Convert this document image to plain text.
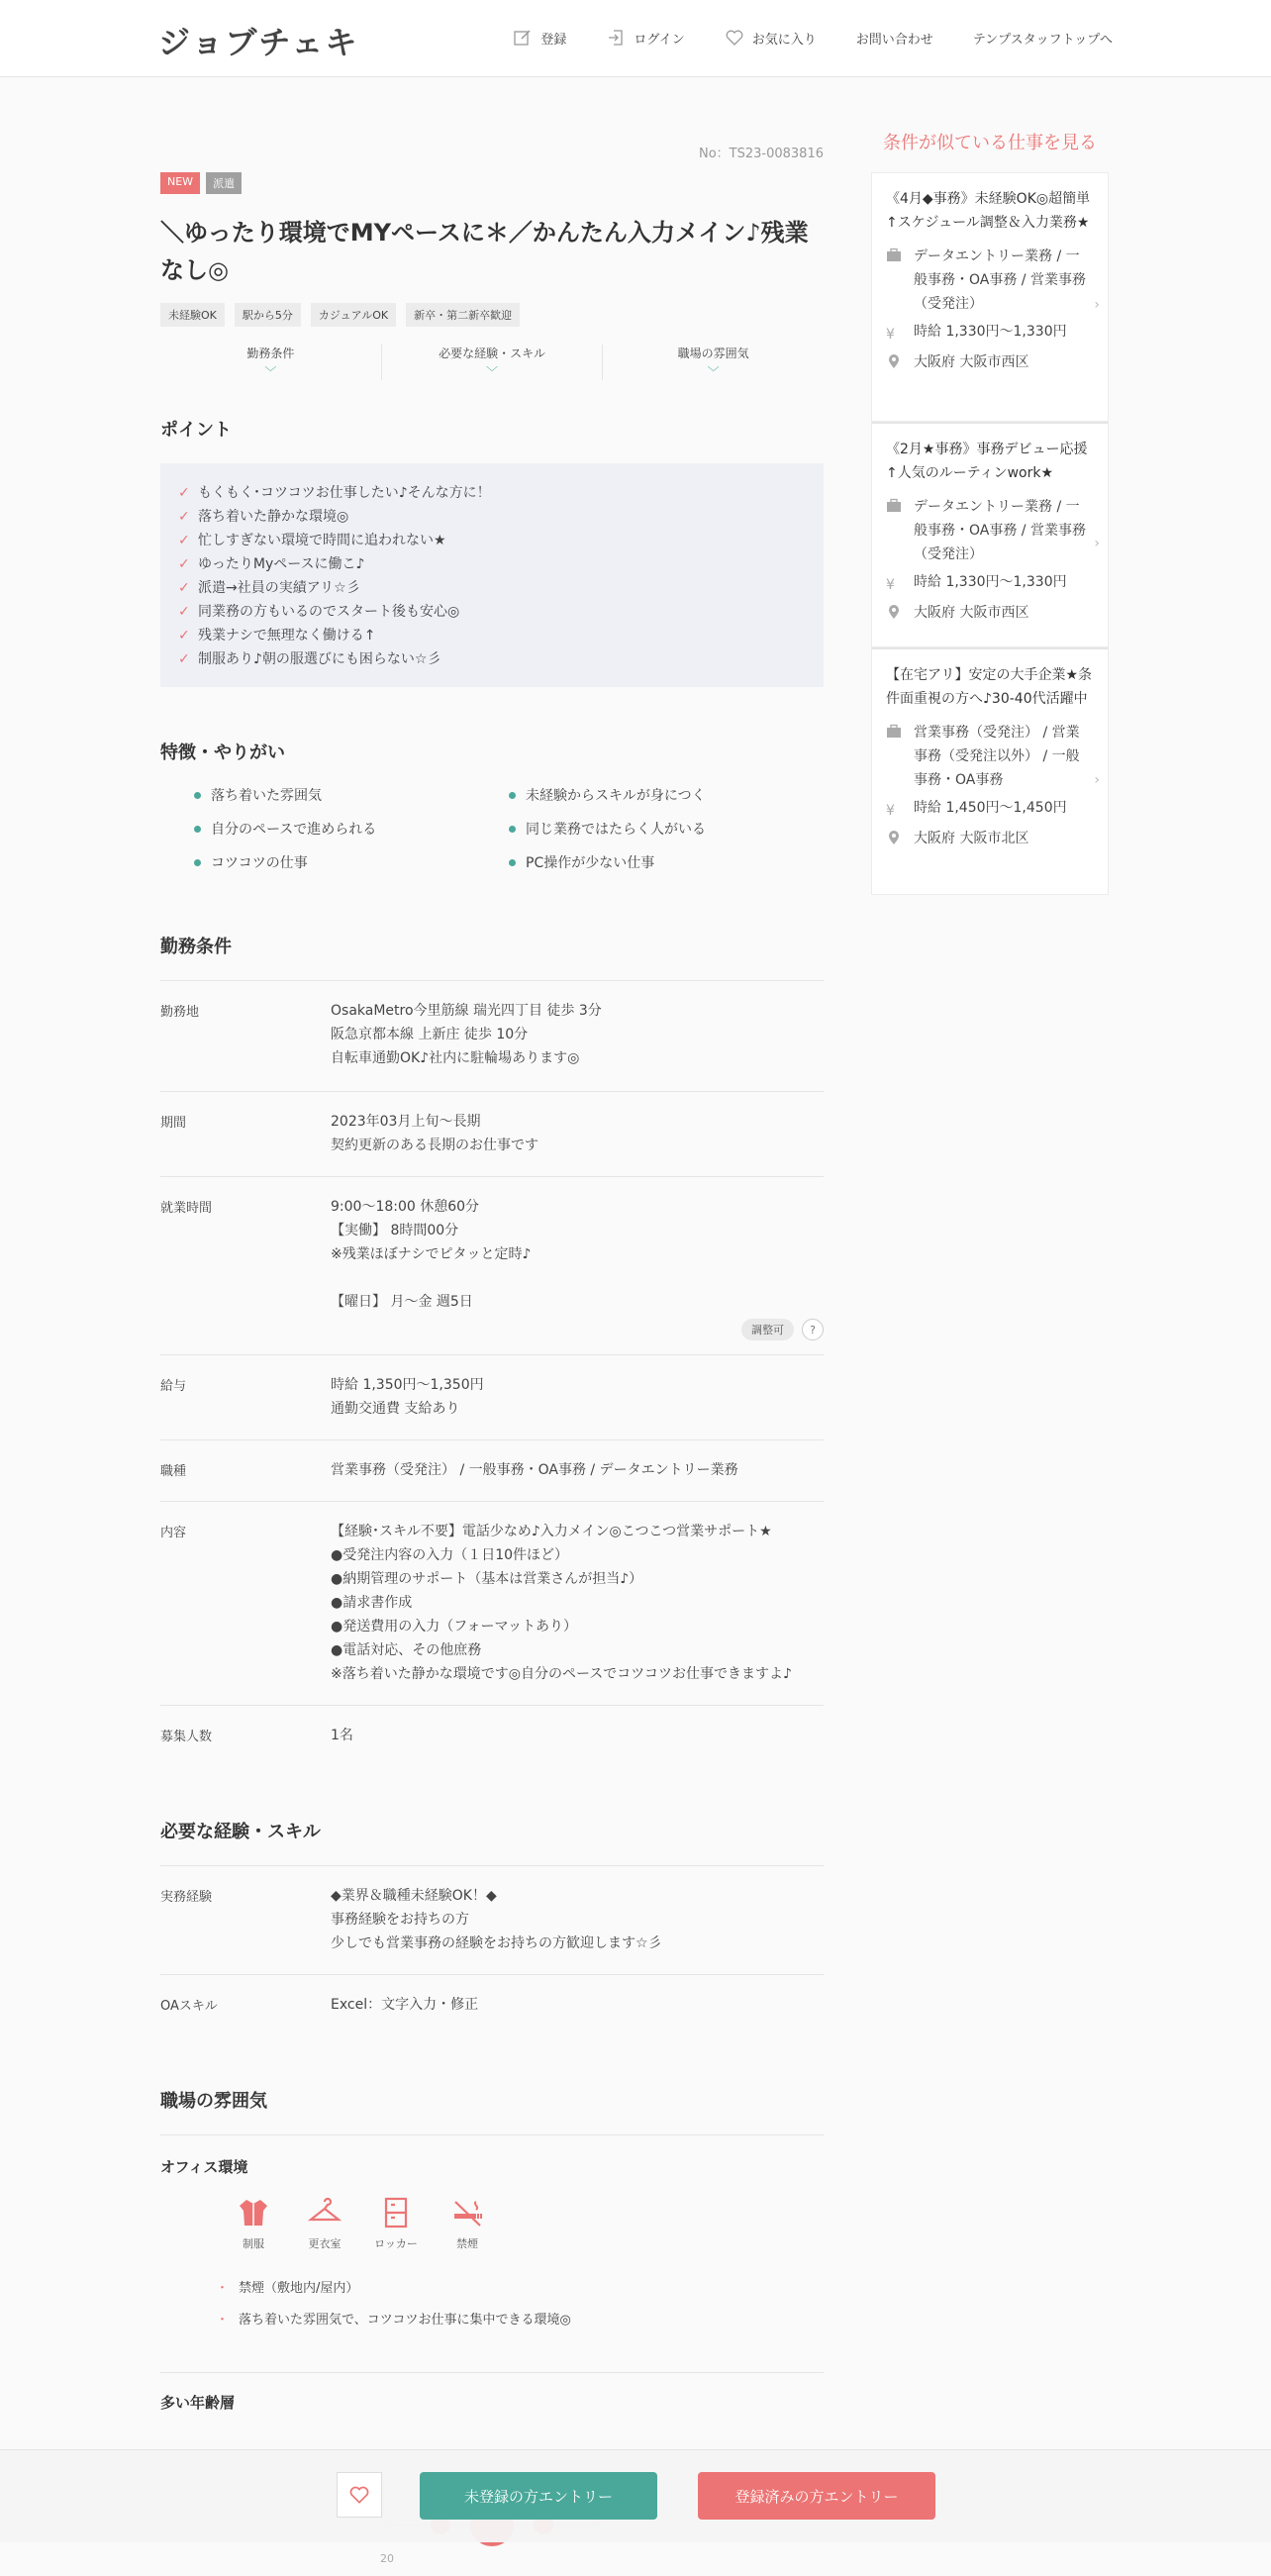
ジョブチェキ	登録	ログイン	お気に入り	お問い合わせ	テンプスタッフトップへ
No：TS23-0083816
NEW	派遣
＼ゆったり環境でMYペースに＊／かんたん入力メイン♪残業なし◎
未経験OK	駅から5分	カジュアルOK	新卒・第二新卒歓迎
勤務条件
﹀
必要な経験・スキル
﹀
職場の雰囲気
﹀
ポイント
✓ もくもく･コツコツお仕事したい♪そんな方に！
✓ 落ち着いた静かな環境◎
✓ 忙しすぎない環境で時間に追われない★
✓ ゆったりMyペースに働こ♪
✓ 派遣→社員の実績アリ☆彡
✓ 同業務の方もいるのでスタート後も安心◎
✓ 残業ナシで無理なく働ける↑
✓ 制服あり♪朝の服選びにも困らない☆彡
特徴・やりがい
落ち着いた雰囲気	未経験からスキルが身につく
自分のペースで進められる	同じ業務ではたらく人がいる
コツコツの仕事	PC操作が少ない仕事
勤務条件
勤務地	OsakaMetro今里筋線 瑞光四丁目 徒歩 3分
阪急京都本線 上新庄 徒歩 10分
自転車通勤OK♪社内に駐輪場あります◎
期間	2023年03月上旬〜長期
契約更新のある長期のお仕事です
就業時間	9:00〜18:00 休憩60分
【実働】 8時間00分
※残業ほぼナシでピタッと定時♪

【曜日】 月〜金 週5日
調整可	?
給与	時給 1,350円〜1,350円
通勤交通費 支給あり
職種	営業事務（受発注） / 一般事務・OA事務 / データエントリー業務
内容	【経験･スキル不要】電話少なめ♪入力メイン◎こつこつ営業サポート★
●受発注内容の入力（１日10件ほど）
●納期管理のサポート（基本は営業さんが担当♪）
●請求書作成
●発送費用の入力（フォーマットあり）
●電話対応、その他庶務
※落ち着いた静かな環境です◎自分のペースでコツコツお仕事できますよ♪
募集人数	1名
必要な経験・スキル
実務経験	◆業界＆職種未経験OK！◆
事務経験をお持ちの方
少しでも営業事務の経験をお持ちの方歓迎します☆彡
OAスキル	Excel：文字入力・修正
職場の雰囲気
オフィス環境
制服	更衣室	ロッカー	禁煙
・ 禁煙（敷地内/屋内）
・ 落ち着いた雰囲気で、コツコツお仕事に集中できる環境◎
多い年齢層
20
条件が似ている仕事を見る
《4月◆事務》未経験OK◎超簡単↑スケジュール調整＆入力業務★
データエントリー業務 / 一般事務・OA事務 / 営業事務（受発注）
¥	時給 1,330円〜1,330円
大阪府 大阪市西区
›
《2月★事務》事務デビュー応援↑人気のルーティンwork★
データエントリー業務 / 一般事務・OA事務 / 営業事務（受発注）
¥	時給 1,330円〜1,330円
大阪府 大阪市西区
›
【在宅アリ】安定の大手企業★条件面重視の方へ♪30-40代活躍中
営業事務（受発注） / 営業事務（受発注以外） / 一般事務・OA事務
¥	時給 1,450円〜1,450円
大阪府 大阪市北区
›
未登録の方エントリー	登録済みの方エントリー
